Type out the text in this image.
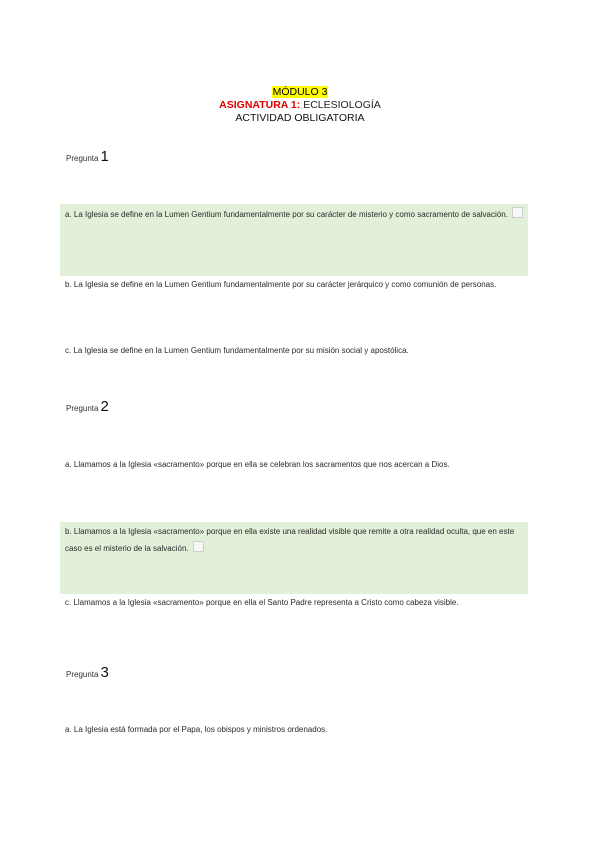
MÓDULO 3
ASIGNATURA 1: ECLESIOLOGÍA
ACTIVIDAD OBLIGATORIA
Pregunta 1
a. La Iglesia se define en la Lumen Gentium fundamentalmente por su carácter de misterio y como sacramento de salvación.
b. La Iglesia se define en la Lumen Gentium fundamentalmente por su carácter jerárquico y como comunión de personas.
c. La Iglesia se define en la Lumen Gentium fundamentalmente por su misión social y apostólica.
Pregunta 2
a. Llamamos a la Iglesia «sacramento» porque en ella se celebran los sacramentos que nos acercan a Dios.
b. Llamamos a la Iglesia «sacramento» porque en ella existe una realidad visible que remite a otra realidad oculta, que en este caso es el misterio de la salvación.
c. Llamamos a la Iglesia «sacramento» porque en ella el Santo Padre representa a Cristo como cabeza visible.
Pregunta 3
a. La Iglesia está formada por el Papa, los obispos y ministros ordenados.
